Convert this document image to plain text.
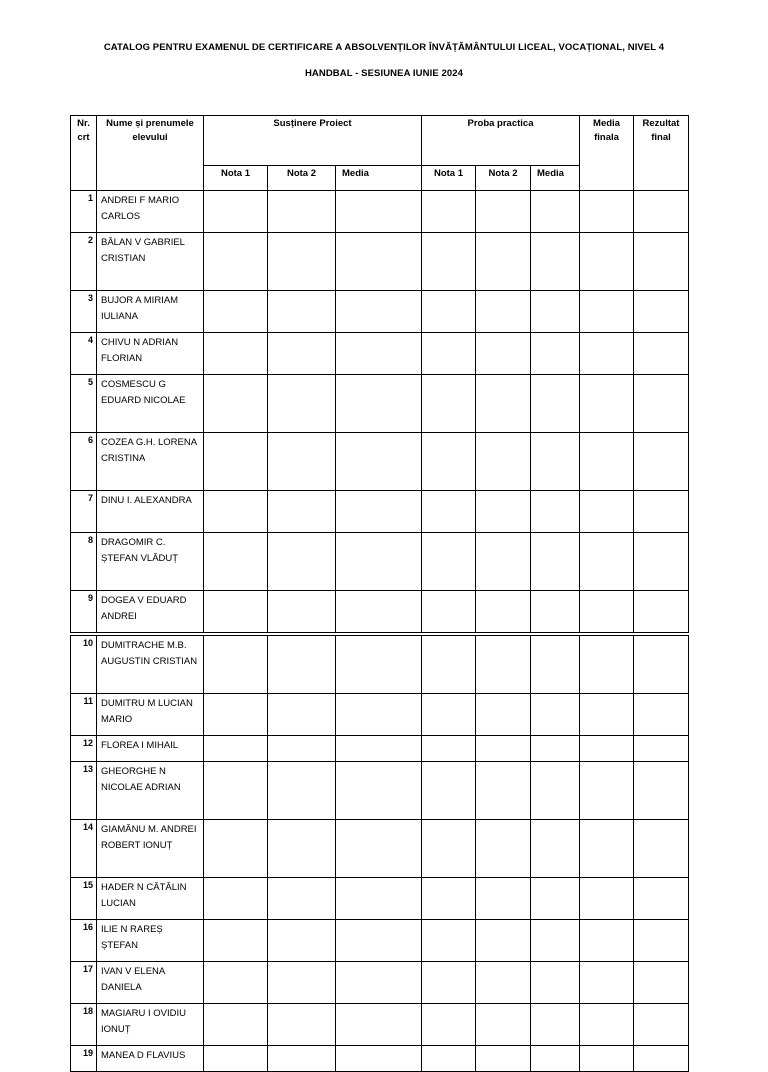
CATALOG PENTRU EXAMENUL DE CERTIFICARE A ABSOLVENȚILOR ÎNVĂȚĂMÂNTULUI LICEAL, VOCAȚIONAL, NIVEL 4
HANDBAL - SESIUNEA IUNIE 2024
Nr. crt	Nume și prenumele elevului	Susținere Proiect			Proba practica			Media finala	Rezultat final
		Nota 1	Nota 2	Media	Nota 1	Nota 2	Media		
1	ANDREI F MARIO CARLOS								
2	BĂLAN V GABRIEL CRISTIAN								
3	BUJOR A MIRIAM IULIANA								
4	CHIVU N ADRIAN FLORIAN								
5	COSMESCU G EDUARD NICOLAE								
6	COZEA G.H. LORENA CRISTINA								
7	DINU I. ALEXANDRA								
8	DRAGOMIR C. ȘTEFAN VLĂDUȚ								
9	DOGEA V EDUARD ANDREI								
10	DUMITRACHE M.B. AUGUSTIN CRISTIAN								
11	DUMITRU M LUCIAN MARIO								
12	FLOREA I MIHAIL								
13	GHEORGHE N NICOLAE ADRIAN								
14	GIAMĂNU M. ANDREI ROBERT IONUȚ								
15	HADER N CĂTĂLIN LUCIAN								
16	ILIE N RAREȘ ȘTEFAN								
17	IVAN V ELENA DANIELA								
18	MAGIARU I OVIDIU IONUȚ								
19	MANEA D FLAVIUS								
